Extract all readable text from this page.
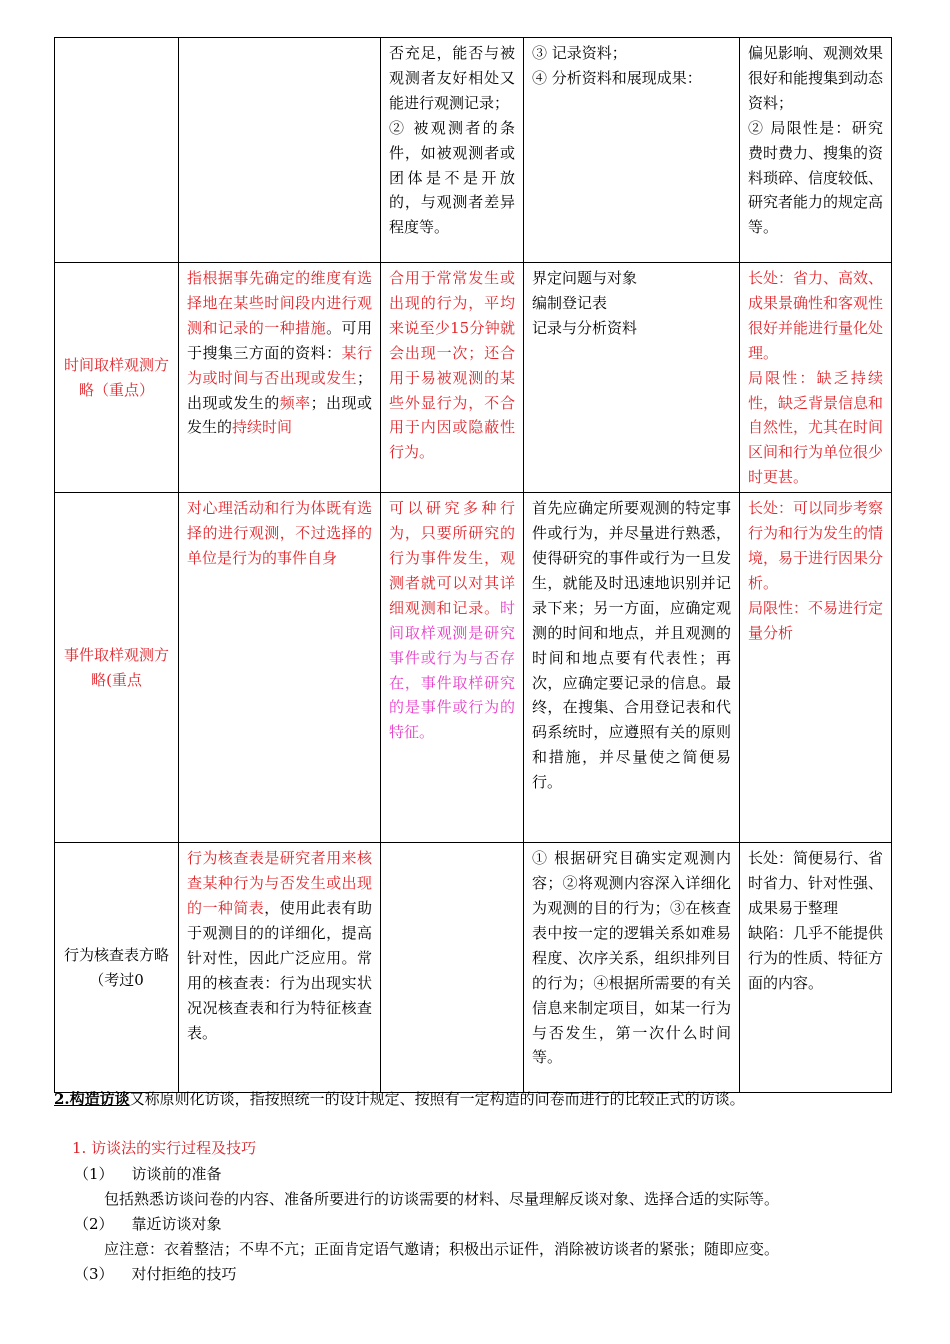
		否充足，能否与被观测者友好相处又能进行观测记录；
② 被观测者的条件，如被观测者或团体是不是开放的，与观测者差异程度等。	③ 记录资料；
④ 分析资料和展现成果：	偏见影响、观测效果很好和能搜集到动态资料；
② 局限性是：研究费时费力、搜集的资料琐碎、信度较低、研究者能力的规定高等。
时间取样观测方略（重点）	指根据事先确定的维度有选择地在某些时间段内进行观测和记录的一种措施。可用于搜集三方面的资料：某行为或时间与否出现或发生；出现或发生的频率；出现或发生的持续时间	合用于常常发生或出现的行为，平均来说至少15分钟就会出现一次；还合用于易被观测的某些外显行为，不合用于内因或隐蔽性行为。	界定问题与对象
编制登记表
记录与分析资料	长处：省力、高效、成果景确性和客观性很好并能进行量化处理。
局限性：缺乏持续性，缺乏背景信息和自然性，尤其在时间区间和行为单位很少时更甚。
事件取样观测方略(重点	对心理活动和行为体既有选择的进行观测，不过选择的单位是行为的事件自身	可以研究多种行为，只要所研究的行为事件发生，观测者就可以对其详细观测和记录。时间取样观测是研究事件或行为与否存在，事件取样研究的是事件或行为的特征。	首先应确定所要观测的特定事件或行为，并尽量进行熟悉，使得研究的事件或行为一旦发生，就能及时迅速地识别并记录下来；另一方面，应确定观测的时间和地点，并且观测的时间和地点要有代表性；再次，应确定要记录的信息。最终，在搜集、合用登记表和代码系统时，应遵照有关的原则和措施，并尽量使之简便易行。	长处：可以同步考察行为和行为发生的情境，易于进行因果分析。
局限性：不易进行定量分析
行为核查表方略（考过0	行为核查表是研究者用来核查某种行为与否发生或出现的一种简表，使用此表有助于观测目的的详细化，提高针对性，因此广泛应用。常用的核查表：行为出现实状况况核查表和行为特征核查表。		① 根据研究目确实定观测内容；②将观测内容深入详细化为观测的目的行为；③在核查表中按一定的逻辑关系如难易程度、次序关系，组织排列目的行为；④根据所需要的有关信息来制定项目，如某一行为与否发生，第一次什么时间等。	长处：简便易行、省时省力、针对性强、成果易于整理
缺陷：几乎不能提供行为的性质、特征方面的内容。
2.构造访谈又称原则化访谈，指按照统一的设计规定、按照有一定构造的问卷而进行的比较正式的访谈。
1. 访谈法的实行过程及技巧
（1） 访谈前的准备
包括熟悉访谈问卷的内容、准备所要进行的访谈需要的材料、尽量理解反谈对象、选择合适的实际等。
（2） 靠近访谈对象
应注意：衣着整洁；不卑不亢；正面肯定语气邀请；积极出示证件，消除被访谈者的紧张；随即应变。
（3） 对付拒绝的技巧
